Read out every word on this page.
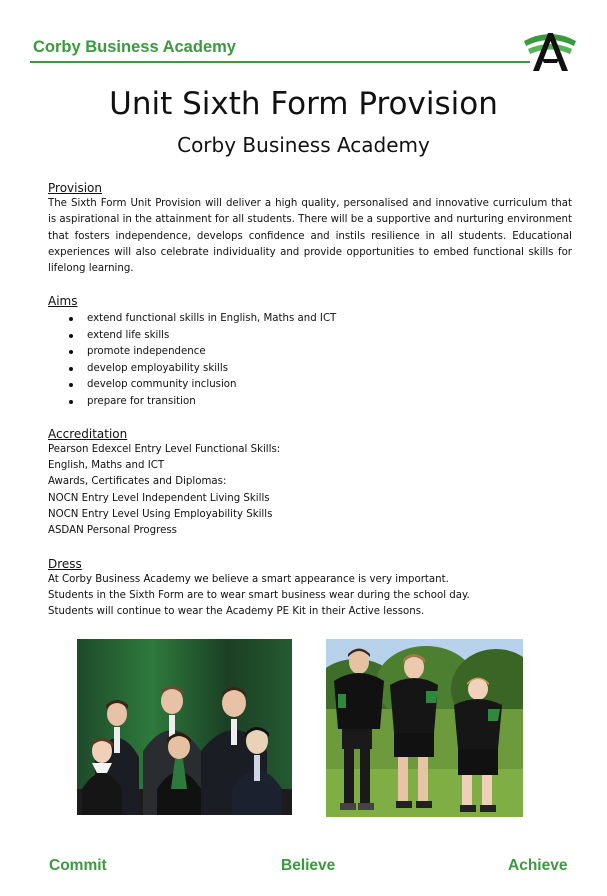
Corby Business Academy
Unit Sixth Form Provision
Corby Business Academy
Provision
The Sixth Form Unit Provision will deliver a high quality, personalised and innovative curriculum that is aspirational in the attainment for all students. There will be a supportive and nurturing environment that fosters independence, develops confidence and instils resilience in all students. Educational experiences will also celebrate individuality and provide opportunities to embed functional skills for lifelong learning.
Aims
extend functional skills in English, Maths and ICT
extend life skills
promote independence
develop employability skills
develop community inclusion
prepare for transition
Accreditation
Pearson Edexcel Entry Level Functional Skills:
English, Maths and ICT
Awards, Certificates and Diplomas:
NOCN Entry Level Independent Living Skills
NOCN Entry Level Using Employability Skills
ASDAN Personal Progress
Dress
At Corby Business Academy we believe a smart appearance is very important.
Students in the Sixth Form are to wear smart business wear during the school day.
Students will continue to wear the Academy PE Kit in their Active lessons.
Commit	Believe	Achieve
